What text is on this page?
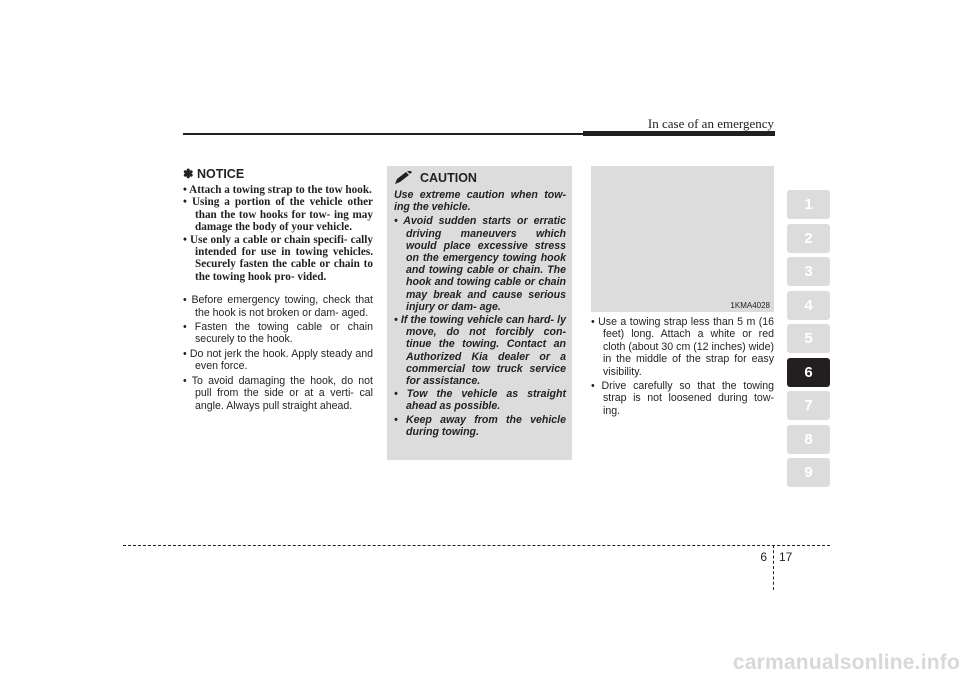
In case of an emergency
1
2
3
4
5
6
7
8
9
✽ NOTICE
• Attach a towing strap to the tow hook.
• Using a portion of the vehicle other than the tow hooks for tow- ing may damage the body of your vehicle.
• Use only a cable or chain specifi- cally intended for use in towing vehicles. Securely fasten the cable or chain to the towing hook pro- vided.
• Before emergency towing, check that the hook is not broken or dam- aged.
• Fasten the towing cable or chain securely to the hook.
• Do not jerk the hook. Apply steady and even force.
• To avoid damaging the hook, do not pull from the side or at a verti- cal angle. Always pull straight ahead.
CAUTION

Use extreme caution when tow- ing the vehicle.

• Avoid sudden starts or erratic driving maneuvers which would place excessive stress on the emergency towing hook and towing cable or chain. The hook and towing cable or chain may break and cause serious injury or dam- age.
• If the towing vehicle can hard- ly move, do not forcibly con- tinue the towing. Contact an Authorized Kia dealer or a commercial tow truck service for assistance.
• Tow the vehicle as straight ahead as possible.
• Keep away from the vehicle during towing.
1KMA4028
• Use a towing strap less than 5 m (16 feet) long. Attach a white or red cloth (about 30 cm (12 inches) wide) in the middle of the strap for easy visibility.
• Drive carefully so that the towing strap is not loosened during tow- ing.
6 17
carmanualsonline.info
